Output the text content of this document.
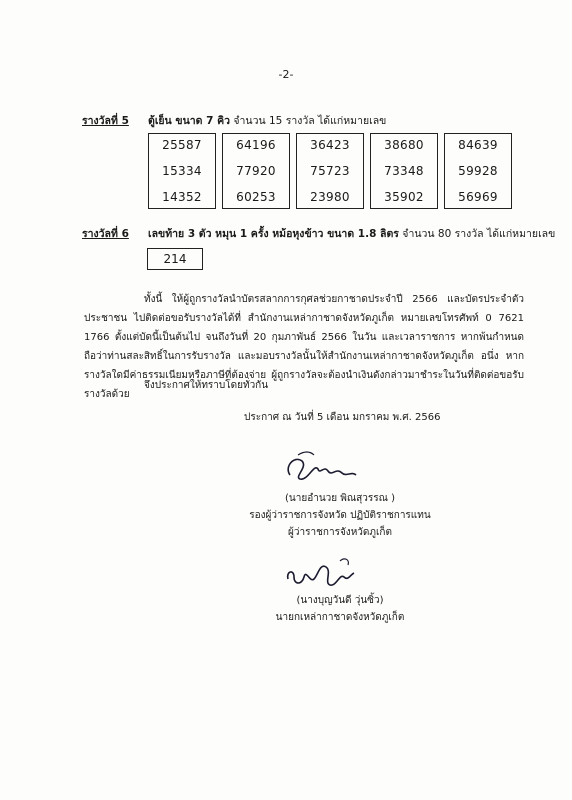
-2-
รางวัลที่ 5 ตู้เย็น ขนาด 7 คิว จำนวน 15 รางวัล ได้แก่หมายเลข
25587
15334
14352
64196
77920
60253
36423
75723
23980
38680
73348
35902
84639
59928
56969
รางวัลที่ 6 เลขท้าย 3 ตัว หมุน 1 ครั้ง หม้อหุงข้าว ขนาด 1.8 ลิตร จำนวน 80 รางวัล ได้แก่หมายเลข
214
ทั้งนี้ ให้ผู้ถูกรางวัลนำบัตรสลากการกุศลช่วยกาชาดประจำปี 2566 และบัตรประจำตัวประชาชน ไปติดต่อขอรับรางวัลได้ที่ สำนักงานเหล่ากาชาดจังหวัดภูเก็ต หมายเลขโทรศัพท์ 0 7621 1766 ตั้งแต่บัดนี้เป็นต้นไป จนถึงวันที่ 20 กุมภาพันธ์ 2566 ในวัน และเวลาราชการ หากพ้นกำหนดถือว่าท่านสละสิทธิ์ในการรับรางวัล และมอบรางวัลนั้นให้สำนักงานเหล่ากาชาดจังหวัดภูเก็ต อนึ่ง หากรางวัลใดมีค่าธรรมเนียมหรือภาษีที่ต้องจ่าย ผู้ถูกรางวัลจะต้องนำเงินดังกล่าวมาชำระในวันที่ติดต่อขอรับรางวัลด้วย
จึงประกาศให้ทราบโดยทั่วกัน
ประกาศ ณ วันที่ 5 เดือน มกราคม พ.ศ. 2566
(นายอำนวย พิณสุวรรณ )
รองผู้ว่าราชการจังหวัด ปฏิบัติราชการแทน
ผู้ว่าราชการจังหวัดภูเก็ต
(นางบุญวันดี วุ่นซิ้ว)
นายกเหล่ากาชาดจังหวัดภูเก็ต
